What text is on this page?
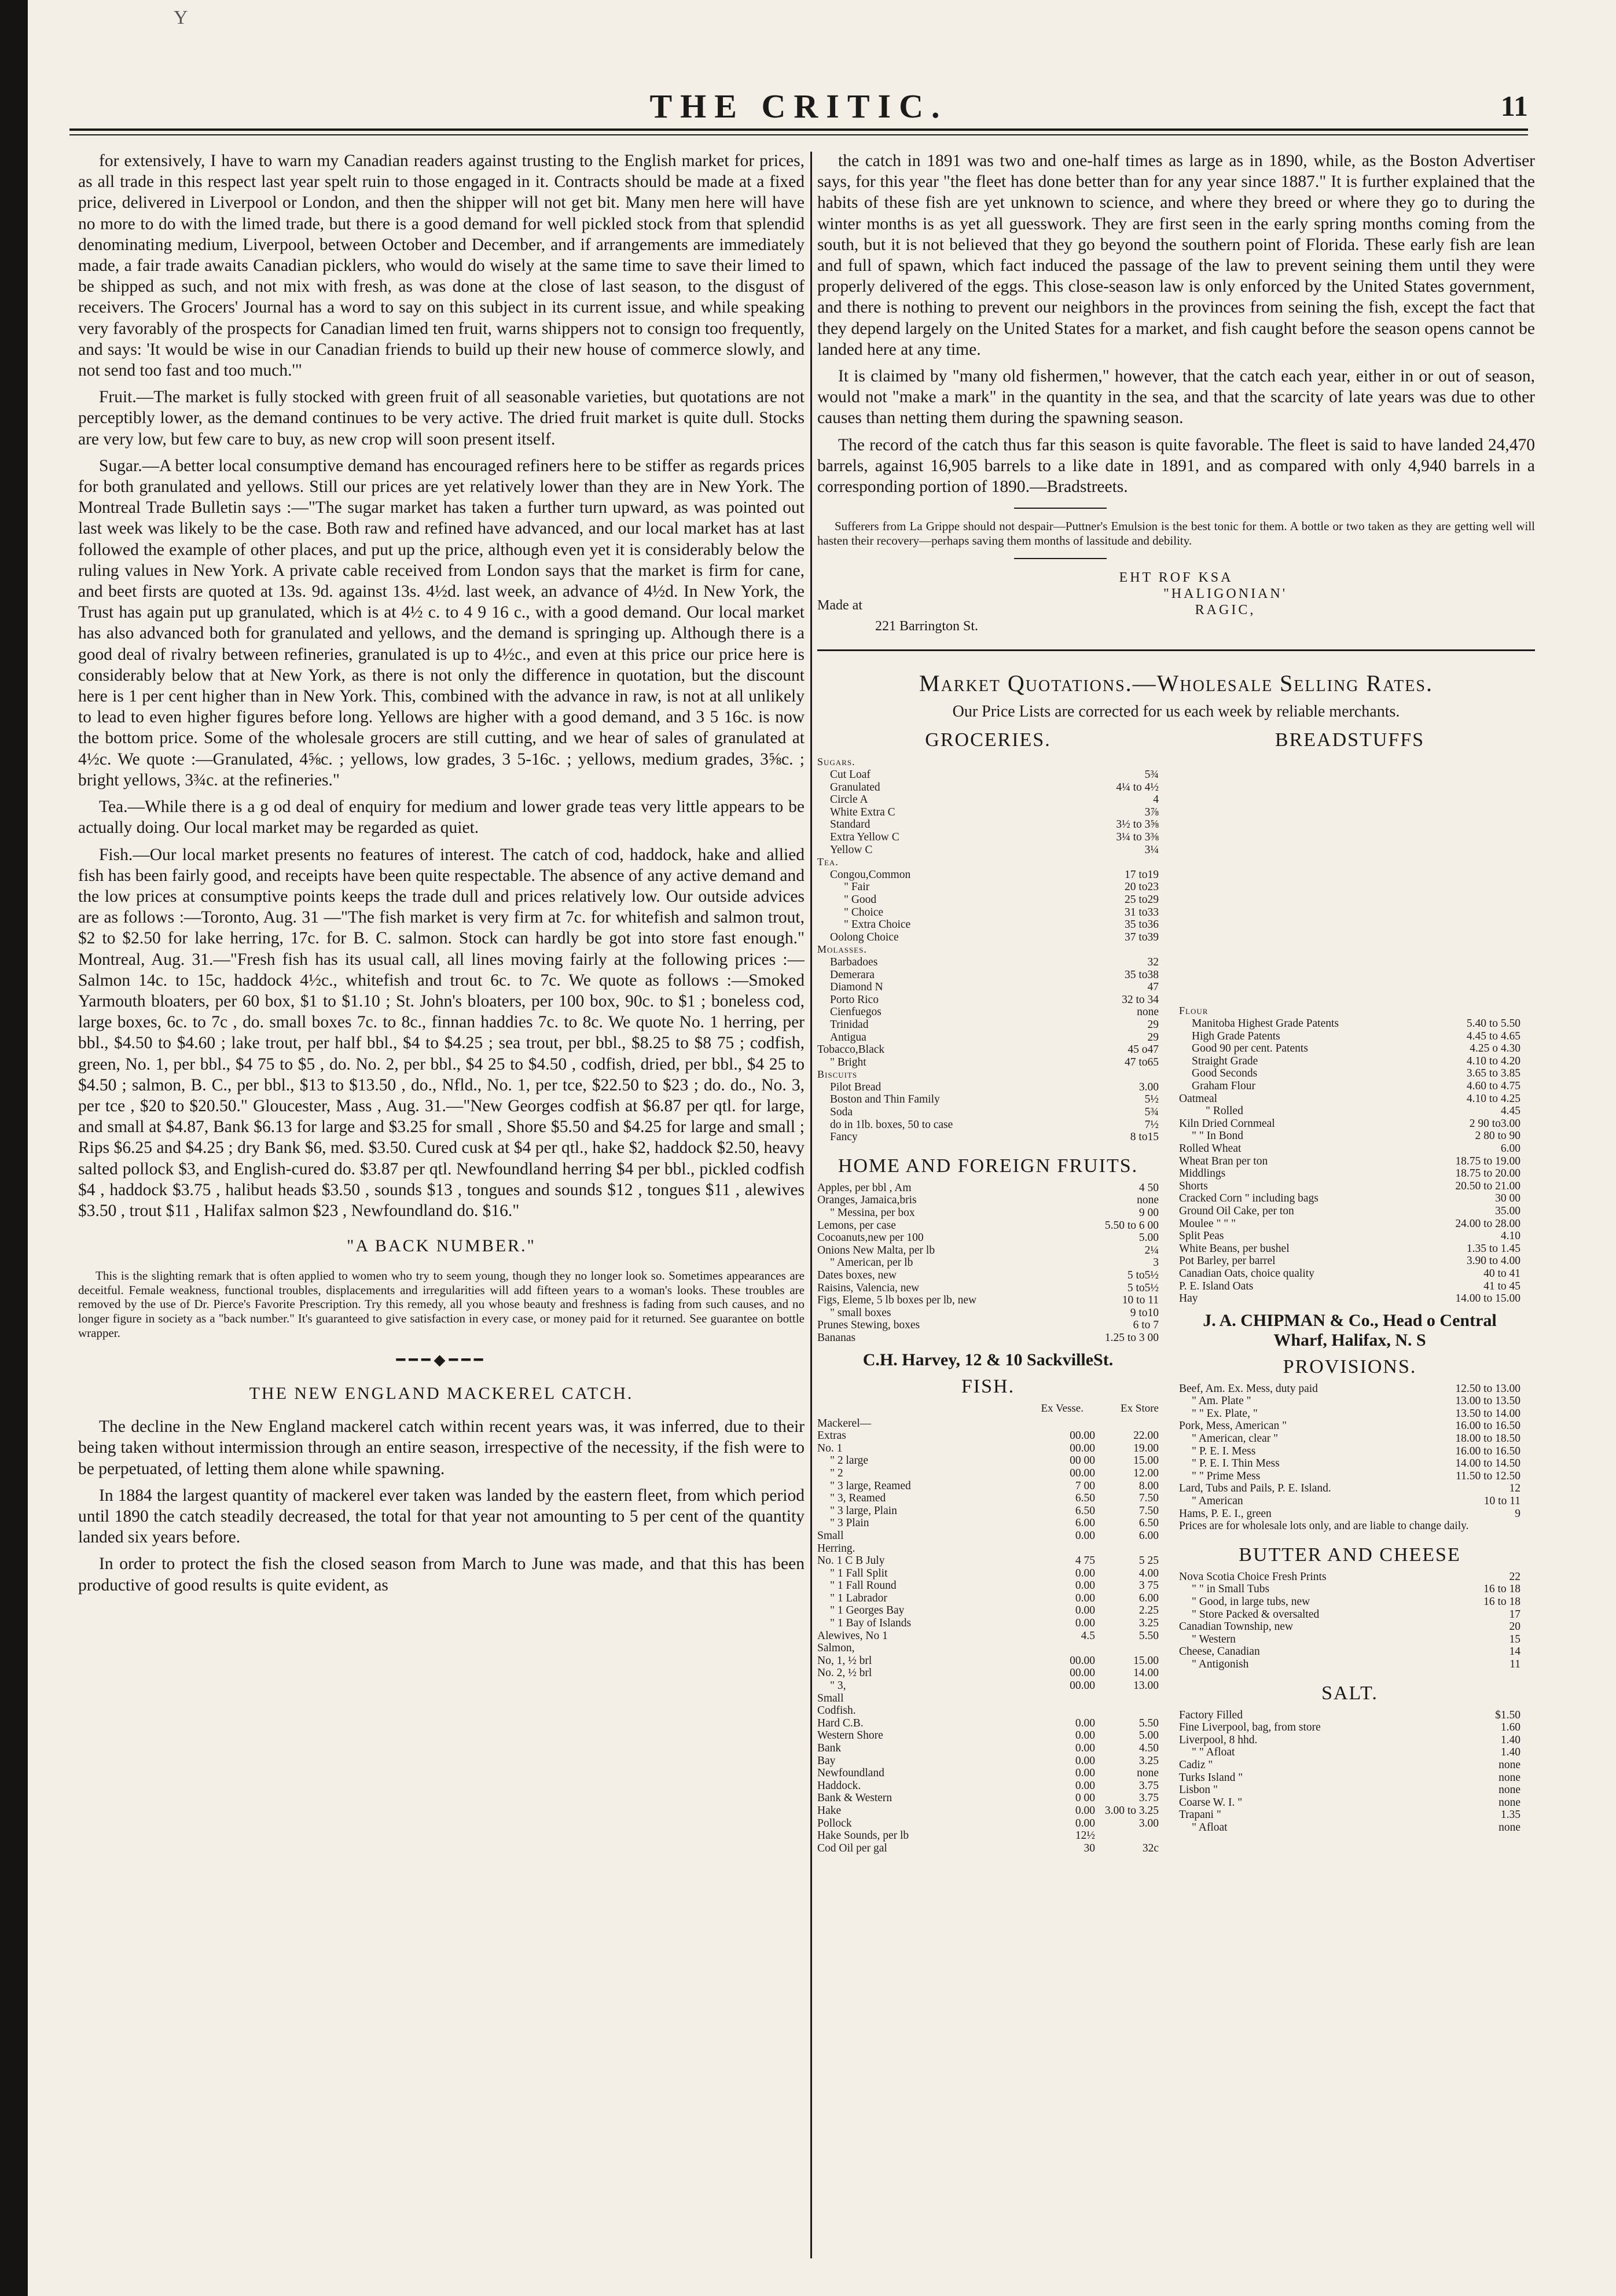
Y
THE CRITIC.	11

for extensively, I have to warn my Canadian readers against trusting to the English market for prices, as all trade in this respect last year spelt ruin to those engaged in it. Contracts should be made at a fixed price, delivered in Liverpool or London, and then the shipper will not get bit. Many men here will have no more to do with the limed trade, but there is a good demand for well pickled stock from that splendid denominating medium, Liverpool, between October and December, and if arrangements are immediately made, a fair trade awaits Canadian picklers, who would do wisely at the same time to save their limed to be shipped as such, and not mix with fresh, as was done at the close of last season, to the disgust of receivers. The Grocers' Journal has a word to say on this subject in its current issue, and while speaking very favorably of the prospects for Canadian limed ten fruit, warns shippers not to consign too frequently, and says: 'It would be wise in our Canadian friends to build up their new house of commerce slowly, and not send too fast and too much.'"

Fruit.—The market is fully stocked with green fruit of all seasonable varieties, but quotations are not perceptibly lower, as the demand continues to be very active. The dried fruit market is quite dull. Stocks are very low, but few care to buy, as new crop will soon present itself.

Sugar.—A better local consumptive demand has encouraged refiners here to be stiffer as regards prices for both granulated and yellows. Still our prices are yet relatively lower than they are in New York. The Montreal Trade Bulletin says :—"The sugar market has taken a further turn upward, as was pointed out last week was likely to be the case. Both raw and refined have advanced, and our local market has at last followed the example of other places, and put up the price, although even yet it is considerably below the ruling values in New York. A private cable received from London says that the market is firm for cane, and beet firsts are quoted at 13s. 9d. against 13s. 4½d. last week, an advance of 4½d. In New York, the Trust has again put up granulated, which is at 4½ c. to 4 9 16 c., with a good demand. Our local market has also advanced both for granulated and yellows, and the demand is springing up. Although there is a good deal of rivalry between refineries, granulated is up to 4½c., and even at this price our price here is considerably below that at New York, as there is not only the difference in quotation, but the discount here is 1 per cent higher than in New York. This, combined with the advance in raw, is not at all unlikely to lead to even higher figures before long. Yellows are higher with a good demand, and 3 5 16c. is now the bottom price. Some of the wholesale grocers are still cutting, and we hear of sales of granulated at 4½c. We quote :—Granulated, 4⅝c. ; yellows, low grades, 3 5-16c. ; yellows, medium grades, 3⅝c. ; bright yellows, 3¾c. at the refineries."

Tea.—While there is a g od deal of enquiry for medium and lower grade teas very little appears to be actually doing. Our local market may be regarded as quiet.

Fish.—Our local market presents no features of interest. The catch of cod, haddock, hake and allied fish has been fairly good, and receipts have been quite respectable. The absence of any active demand and the low prices at consumptive points keeps the trade dull and prices relatively low. Our outside advices are as follows :—Toronto, Aug. 31 —"The fish market is very firm at 7c. for whitefish and salmon trout, $2 to $2.50 for lake herring, 17c. for B. C. salmon. Stock can hardly be got into store fast enough." Montreal, Aug. 31.—"Fresh fish has its usual call, all lines moving fairly at the following prices :—Salmon 14c. to 15c, haddock 4½c., whitefish and trout 6c. to 7c. We quote as follows :—Smoked Yarmouth bloaters, per 60 box, $1 to $1.10 ; St. John's bloaters, per 100 box, 90c. to $1 ; boneless cod, large boxes, 6c. to 7c , do. small boxes 7c. to 8c., finnan haddies 7c. to 8c. We quote No. 1 herring, per bbl., $4.50 to $4.60 ; lake trout, per half bbl., $4 to $4.25 ; sea trout, per bbl., $8.25 to $8 75 ; codfish, green, No. 1, per bbl., $4 75 to $5 , do. No. 2, per bbl., $4 25 to $4.50 , codfish, dried, per bbl., $4 25 to $4.50 ; salmon, B. C., per bbl., $13 to $13.50 , do., Nfld., No. 1, per tce, $22.50 to $23 ; do. do., No. 3, per tce , $20 to $20.50." Gloucester, Mass , Aug. 31.—"New Georges codfish at $6.87 per qtl. for large, and small at $4.87, Bank $6.13 for large and $3.25 for small , Shore $5.50 and $4.25 for large and small ; Rips $6.25 and $4.25 ; dry Bank $6, med. $3.50. Cured cusk at $4 per qtl., hake $2, haddock $2.50, heavy salted pollock $3, and English-cured do. $3.87 per qtl. Newfoundland herring $4 per bbl., pickled codfish $4 , haddock $3.75 , halibut heads $3.50 , sounds $13 , tongues and sounds $12 , tongues $11 , alewives $3.50 , trout $11 , Halifax salmon $23 , Newfoundland do. $16."

"A BACK NUMBER."

This is the slighting remark that is often applied to women who try to seem young, though they no longer look so. Sometimes appearances are deceitful. Female weakness, functional troubles, displacements and irregularities will add fifteen years to a woman's looks. These troubles are removed by the use of Dr. Pierce's Favorite Prescription. Try this remedy, all you whose beauty and freshness is fading from such causes, and no longer figure in society as a "back number." It's guaranteed to give satisfaction in every case, or money paid for it returned. See guarantee on bottle wrapper.

━━━◆━━━
THE NEW ENGLAND MACKEREL CATCH.

The decline in the New England mackerel catch within recent years was, it was inferred, due to their being taken without intermission through an entire season, irrespective of the necessity, if the fish were to be perpetuated, of letting them alone while spawning.

In 1884 the largest quantity of mackerel ever taken was landed by the eastern fleet, from which period until 1890 the catch steadily decreased, the total for that year not amounting to 5 per cent of the quantity landed six years before.

In order to protect the fish the closed season from March to June was made, and that this has been productive of good results is quite evident, as

the catch in 1891 was two and one-half times as large as in 1890, while, as the Boston Advertiser says, for this year "the fleet has done better than for any year since 1887." It is further explained that the habits of these fish are yet unknown to science, and where they breed or where they go to during the winter months is as yet all guesswork. They are first seen in the early spring months coming from the south, but it is not believed that they go beyond the southern point of Florida. These early fish are lean and full of spawn, which fact induced the passage of the law to prevent seining them until they were properly delivered of the eggs. This close-season law is only enforced by the United States government, and there is nothing to prevent our neighbors in the provinces from seining the fish, except the fact that they depend largely on the United States for a market, and fish caught before the season opens cannot be landed here at any time.

It is claimed by "many old fishermen," however, that the catch each year, either in or out of season, would not "make a mark" in the quantity in the sea, and that the scarcity of late years was due to other causes than netting them during the spawning season.

The record of the catch thus far this season is quite favorable. The fleet is said to have landed 24,470 barrels, against 16,905 barrels to a like date in 1891, and as compared with only 4,940 barrels in a corresponding portion of 1890.—Bradstreets.

Sufferers from La Grippe should not despair—Puttner's Emulsion is the best tonic for them. A bottle or two taken as they are getting well will hasten their recovery—perhaps saving them months of lassitude and debility.

EHT ROF KSA
Made at
"HALIGONIAN'
RAGIC,
221 Barrington St.
Market Quotations.—Wholesale Selling Rates.
Our Price Lists are corrected for us each week by reliable merchants.
GROCERIES.
Sugars.
Cut Loaf	5¾
Granulated	4¼ to 4½
Circle A	4
White Extra C	3⅞
Standard	3½ to 3⅝
Extra Yellow C	3¼ to 3⅜
Yellow C	3¼
Tea.
Congou,Common	17 to19
" Fair	20 to23
" Good	25 to29
" Choice	31 to33
" Extra Choice	35 to36
Oolong Choice	37 to39
Molasses.
Barbadoes	32
Demerara	35 to38
Diamond N	47
Porto Rico	32 to 34
Cienfuegos	none
Trinidad	29
Antigua	29
Tobacco,Black	45 o47
" Bright	47 to65
Biscuits
Pilot Bread	3.00
Boston and Thin Family	5½
Soda	5¾
do in 1lb. boxes, 50 to case	7½
Fancy	8 to15
HOME AND FOREIGN FRUITS.
Apples, per bbl , Am	4 50
Oranges, Jamaica,bris	none
" Messina, per box	9 00
Lemons, per case	5.50 to 6 00
Cocoanuts,new per 100	5.00
Onions New Malta, per lb	2¼
" American, per lb	3
Dates boxes, new	5 to5½
Raisins, Valencia, new	5 to5½
Figs, Eleme, 5 lb boxes per lb, new	10 to 11
" small boxes	9 to10
Prunes Stewing, boxes	6 to 7
Bananas	1.25 to 3 00
C.H. Harvey, 12 & 10 SackvilleSt.
FISH.
Ex Vesse.	Ex Store
Mackerel—
Extras	00.00	22.00
No. 1	00.00	19.00
" 2 large	00 00	15.00
" 2	00.00	12.00
" 3 large, Reamed	7 00	8.00
" 3, Reamed	6.50	7.50
" 3 large, Plain	6.50	7.50
" 3 Plain	6.00	6.50
Small	0.00	6.00
Herring.
No. 1 C B July	4 75	5 25
" 1 Fall Split	0.00	4.00
" 1 Fall Round	0.00	3 75
" 1 Labrador	0.00	6.00
" 1 Georges Bay	0.00	2.25
" 1 Bay of Islands	0.00	3.25
Alewives, No 1	4.5	5.50
Salmon,
No, 1, ½ brl	00.00	15.00
No. 2, ½ brl	00.00	14.00
" 3,	00.00	13.00
Small
Codfish.
Hard C.B.	0.00	5.50
Western Shore	0.00	5.00
Bank	0.00	4.50
Bay	0.00	3.25
Newfoundland	0.00	none
Haddock.	0.00	3.75
Bank & Western	0 00	3.75
Hake	0.00 3.00 to 3.25
Pollock	0.00	3.00
Hake Sounds, per lb	12½
Cod Oil per gal	30	32c
BREADSTUFFS
Flour
Manitoba Highest Grade Patents	5.40 to 5.50
High Grade Patents	4.45 to 4.65
Good 90 per cent. Patents	4.25 o 4.30
Straight Grade	4.10 to 4.20
Good Seconds	3.65 to 3.85
Graham Flour	4.60 to 4.75
Oatmeal	4.10 to 4.25
" Rolled	4.45
Kiln Dried Cornmeal	2 90 to3.00
" " In Bond	2 80 to 90
Rolled Wheat	6.00
Wheat Bran per ton	18.75 to 19.00
Middlings	18.75 to 20.00
Shorts	20.50 to 21.00
Cracked Corn " including bags	30 00
Ground Oil Cake, per ton	35.00
Moulee " " "	24.00 to 28.00
Split Peas	4.10
White Beans, per bushel	1.35 to 1.45
Pot Barley, per barrel	3.90 to 4.00
Canadian Oats, choice quality	40 to 41
P. E. Island Oats	41 to 45
Hay	14.00 to 15.00
J. A. CHIPMAN & Co., Head o Central Wharf, Halifax, N. S
PROVISIONS.
Beef, Am. Ex. Mess, duty paid	12.50 to 13.00
" Am. Plate "	13.00 to 13.50
" " Ex. Plate, "	13.50 to 14.00
Pork, Mess, American "	16.00 to 16.50
" American, clear "	18.00 to 18.50
" P. E. I. Mess	16.00 to 16.50
" P. E. I. Thin Mess	14.00 to 14.50
" " Prime Mess	11.50 to 12.50
Lard, Tubs and Pails, P. E. Island.	12
" American	10 to 11
Hams, P. E. I., green	9
Prices are for wholesale lots only, and are liable to change daily.
BUTTER AND CHEESE
Nova Scotia Choice Fresh Prints	22
" " in Small Tubs	16 to 18
" Good, in large tubs, new	16 to 18
" Store Packed & oversalted	17
Canadian Township, new	20
" Western	15
Cheese, Canadian	14
" Antigonish	11
SALT.
Factory Filled	$1.50
Fine Liverpool, bag, from store	1.60
Liverpool, 8 hhd.	1.40
" " Afloat	1.40
Cadiz "	none
Turks Island "	none
Lisbon "	none
Coarse W. I. "	none
Trapani "	1.35
" Afloat	none
